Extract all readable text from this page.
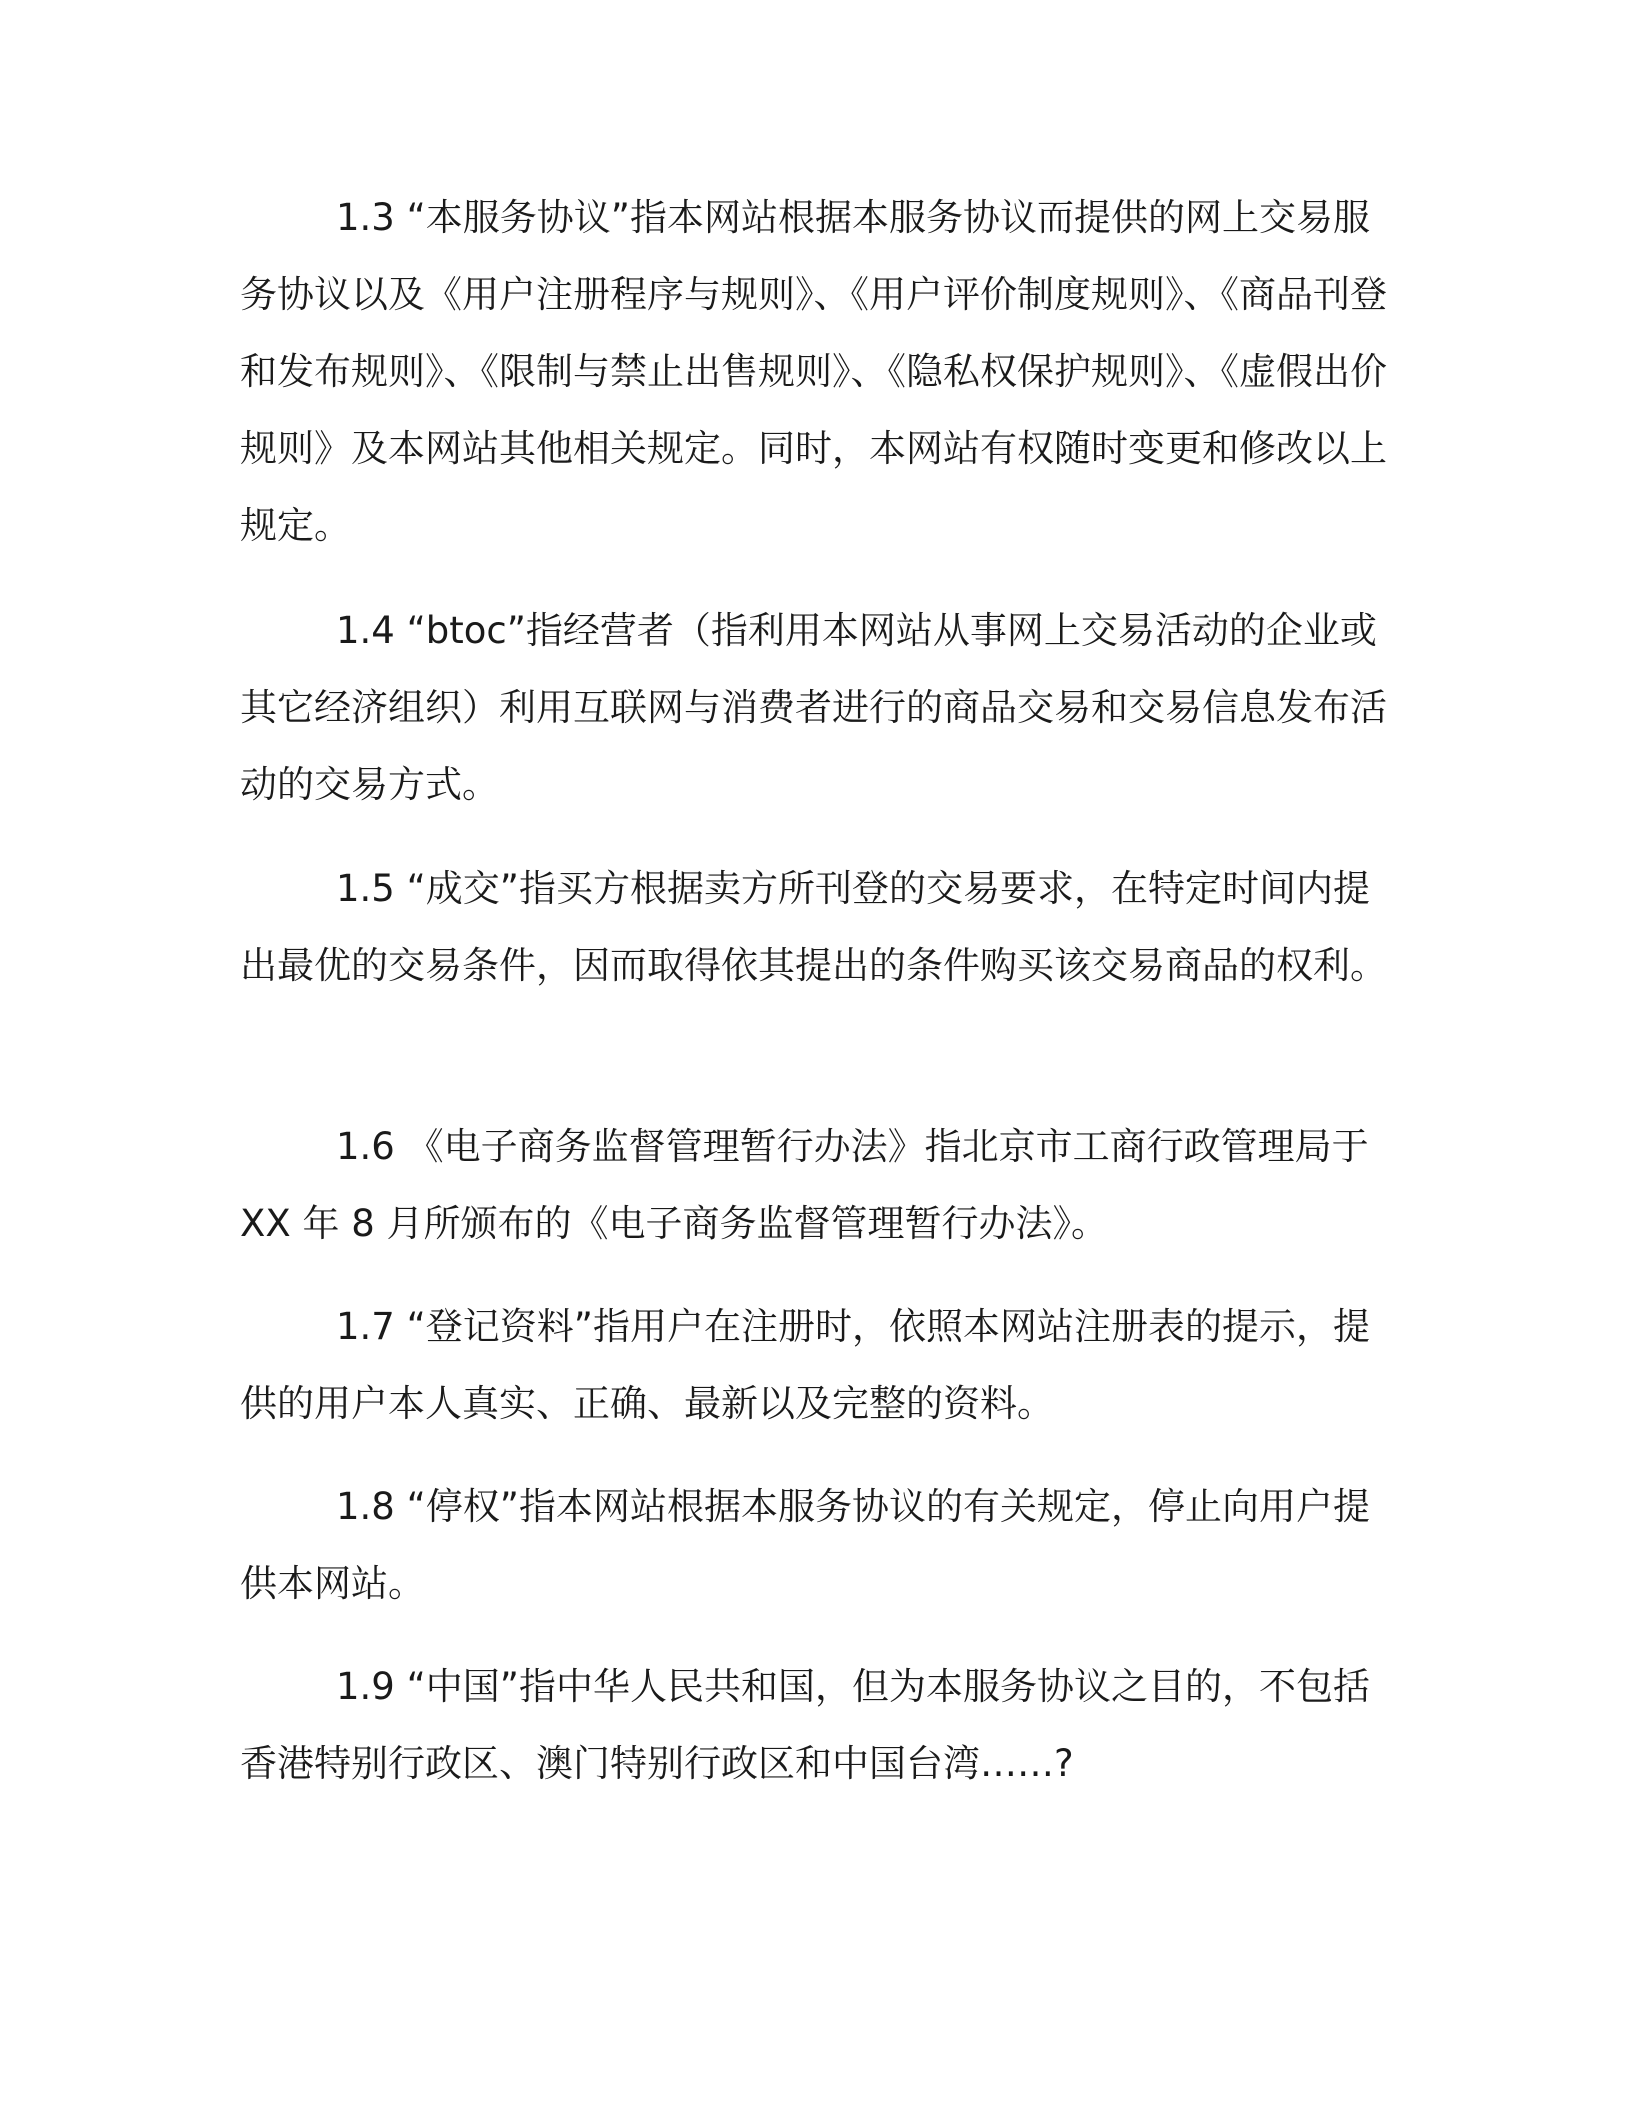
1.3 “本服务协议”指本网站根据本服务协议而提供的网上交易服务协议以及《用户注册程序与规则》、《用户评价制度规则》、《商品刊登和发布规则》、《限制与禁止出售规则》、《隐私权保护规则》、《虚假出价规则》及本网站其他相关规定。同时，本网站有权随时变更和修改以上规定。

1.4 “btoc”指经营者（指利用本网站从事网上交易活动的企业或其它经济组织）利用互联网与消费者进行的商品交易和交易信息发布活动的交易方式。

1.5 “成交”指买方根据卖方所刊登的交易要求，在特定时间内提出最优的交易条件，因而取得依其提出的条件购买该交易商品的权利。

1.6 《电子商务监督管理暂行办法》指北京市工商行政管理局于XX 年 8 月所颁布的《电子商务监督管理暂行办法》。

1.7 “登记资料”指用户在注册时，依照本网站注册表的提示，提供的用户本人真实、正确、最新以及完整的资料。

1.8 “停权”指本网站根据本服务协议的有关规定，停止向用户提供本网站。

1.9 “中国”指中华人民共和国，但为本服务协议之目的，不包括香港特别行政区、澳门特别行政区和中国台湾……?
